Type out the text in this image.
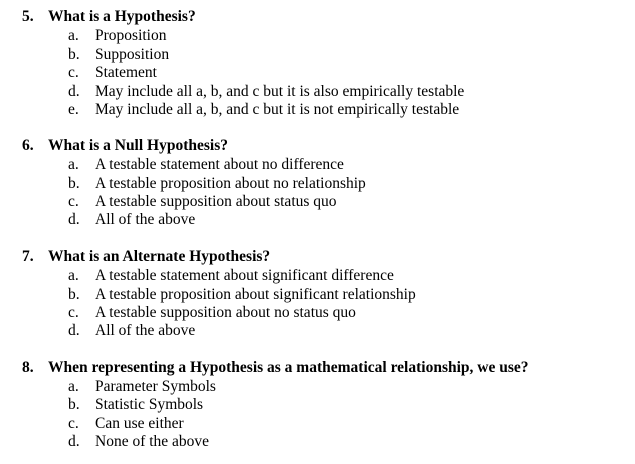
5. What is a Hypothesis?
a. Proposition
b. Supposition
c. Statement
d. May include all a, b, and c but it is also empirically testable
e. May include all a, b, and c but it is not empirically testable
6. What is a Null Hypothesis?
a. A testable statement about no difference
b. A testable proposition about no relationship
c. A testable supposition about status quo
d. All of the above
7. What is an Alternate Hypothesis?
a. A testable statement about significant difference
b. A testable proposition about significant relationship
c. A testable supposition about no status quo
d. All of the above
8. When representing a Hypothesis as a mathematical relationship, we use?
a. Parameter Symbols
b. Statistic Symbols
c. Can use either
d. None of the above
